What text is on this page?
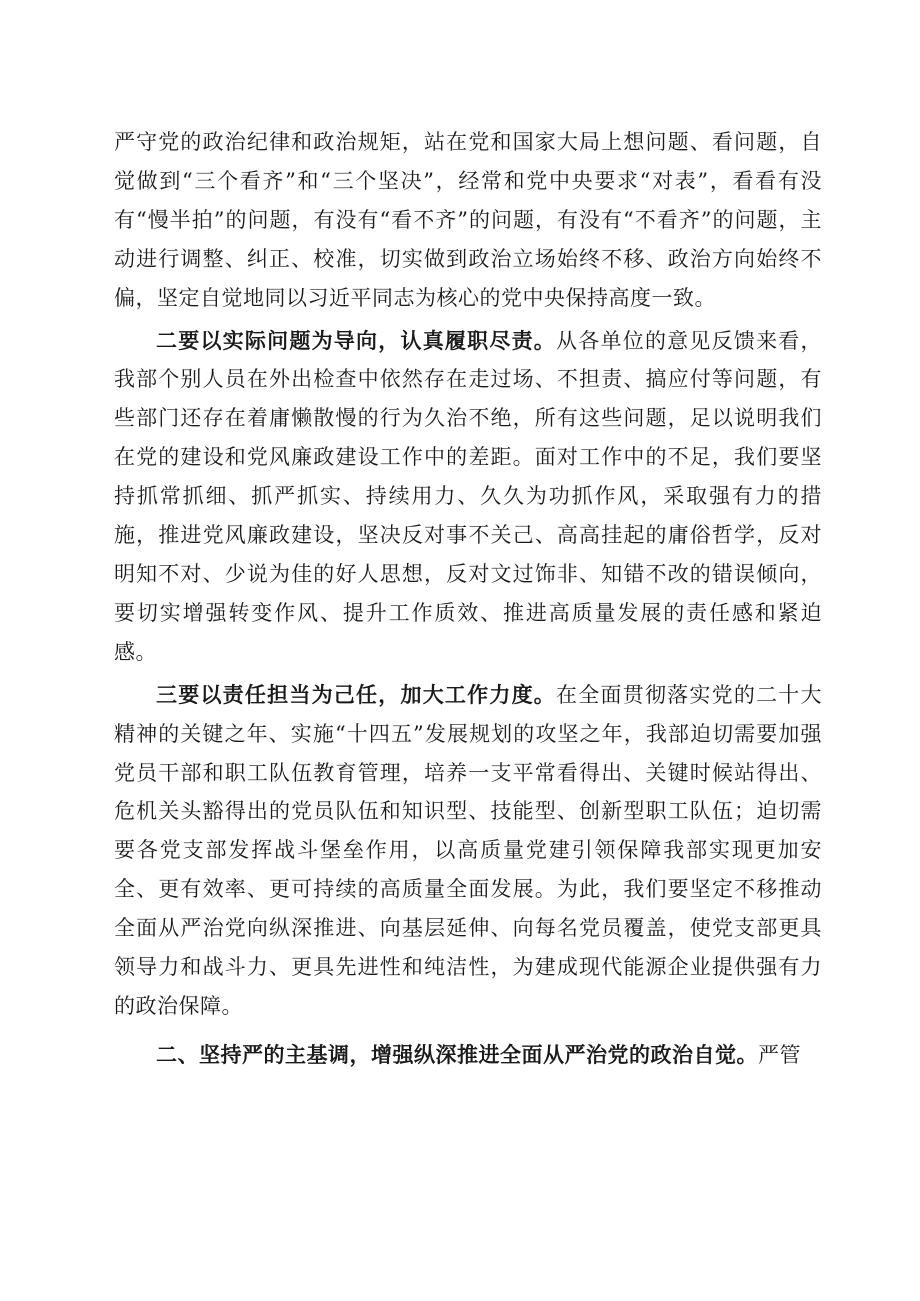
严守党的政治纪律和政治规矩，站在党和国家大局上想问题、看问题，自觉做到“三个看齐”和“三个坚决”，经常和党中央要求“对表”，看看有没有“慢半拍”的问题，有没有“看不齐”的问题，有没有“不看齐”的问题，主动进行调整、纠正、校准，切实做到政治立场始终不移、政治方向始终不偏，坚定自觉地同以习近平同志为核心的党中央保持高度一致。

二要以实际问题为导向，认真履职尽责。从各单位的意见反馈来看，我部个别人员在外出检查中依然存在走过场、不担责、搞应付等问题，有些部门还存在着庸懒散慢的行为久治不绝，所有这些问题，足以说明我们在党的建设和党风廉政建设工作中的差距。面对工作中的不足，我们要坚持抓常抓细、抓严抓实、持续用力、久久为功抓作风，采取强有力的措施，推进党风廉政建设，坚决反对事不关己、高高挂起的庸俗哲学，反对明知不对、少说为佳的好人思想，反对文过饰非、知错不改的错误倾向，要切实增强转变作风、提升工作质效、推进高质量发展的责任感和紧迫感。

三要以责任担当为己任，加大工作力度。在全面贯彻落实党的二十大精神的关键之年、实施“十四五”发展规划的攻坚之年，我部迫切需要加强党员干部和职工队伍教育管理，培养一支平常看得出、关键时候站得出、危机关头豁得出的党员队伍和知识型、技能型、创新型职工队伍；迫切需要各党支部发挥战斗堡垒作用，以高质量党建引领保障我部实现更加安全、更有效率、更可持续的高质量全面发展。为此，我们要坚定不移推动全面从严治党向纵深推进、向基层延伸、向每名党员覆盖，使党支部更具领导力和战斗力、更具先进性和纯洁性，为建成现代能源企业提供强有力的政治保障。

二、坚持严的主基调，增强纵深推进全面从严治党的政治自觉。严管
